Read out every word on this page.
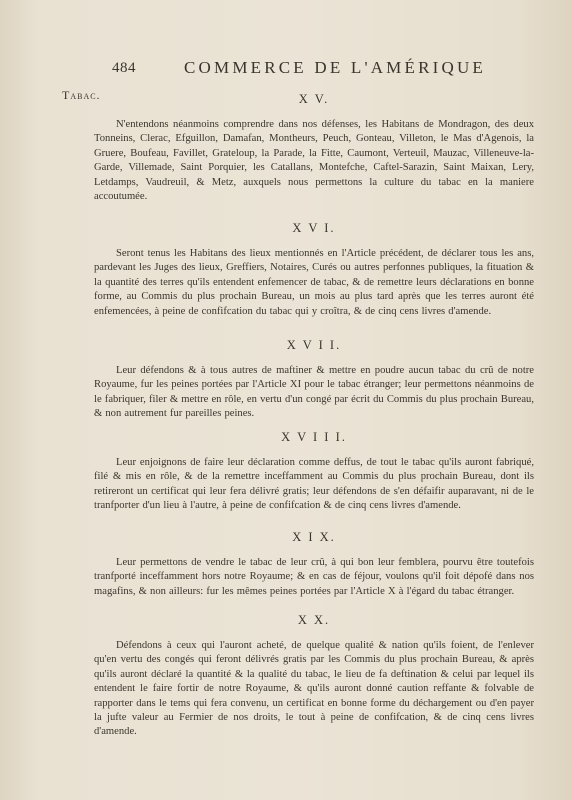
484	COMMERCE DE L'AMÉRIQUE
Tabac.	X V.

N'entendons néanmoins comprendre dans nos défenses, les Habitans de Mondragon, des deux Tonneins, Clerac, Efguillon, Damafan, Montheurs, Peuch, Gonteau, Villeton, le Mas d'Agenois, la Gruere, Boufeau, Favillet, Grateloup, la Parade, la Fitte, Caumont, Verteuil, Mauzac, Villeneuve-la-Garde, Villemade, Saint Porquier, les Catallans, Montefche, Caftel-Sarazin, Saint Maixan, Lery, Letdamps, Vaudreuil, & Metz, auxquels nous permettons la culture du tabac en la maniere accoutumée.

X V I.

Seront tenus les Habitans des lieux mentionnés en l'Article précédent, de déclarer tous les ans, pardevant les Juges des lieux, Greffiers, Notaires, Curés ou autres perfonnes publiques, la fituation & la quantité des terres qu'ils entendent enfemencer de tabac, & de remettre leurs déclarations en bonne forme, au Commis du plus prochain Bureau, un mois au plus tard après que les terres auront été enfemencées, à peine de confifcation du tabac qui y croîtra, & de cinq cens livres d'amende.

X V I I.

Leur défendons & à tous autres de maftiner & mettre en poudre aucun tabac du crû de notre Royaume, fur les peines portées par l'Article XI pour le tabac étranger; leur permettons néanmoins de le fabriquer, filer & mettre en rôle, en vertu d'un congé par écrit du Commis du plus prochain Bureau, & non autrement fur pareilles peines.

X V I I I.

Leur enjoignons de faire leur déclaration comme deffus, de tout le tabac qu'ils auront fabriqué, filé & mis en rôle, & de la remettre inceffamment au Commis du plus prochain Bureau, dont ils retireront un certificat qui leur fera délivré gratis; leur défendons de s'en défaifir auparavant, ni de le tranfporter d'un lieu à l'autre, à peine de confifcation & de cinq cens livres d'amende.

X I X.

Leur permettons de vendre le tabac de leur crû, à qui bon leur femblera, pourvu être toutefois tranfporté inceffamment hors notre Royaume; & en cas de féjour, voulons qu'il foit dépofé dans nos magafins, & non ailleurs: fur les mêmes peines portées par l'Article X à l'égard du tabac étranger.

X X.

Défendons à ceux qui l'auront acheté, de quelque qualité & nation qu'ils foient, de l'enlever qu'en vertu des congés qui feront délivrés gratis par les Commis du plus prochain Bureau, & après qu'ils auront déclaré la quantité & la qualité du tabac, le lieu de fa deftination & celui par lequel ils entendent le faire fortir de notre Royaume, & qu'ils auront donné caution reffante & folvable de rapporter dans le tems qui fera convenu, un certificat en bonne forme du déchargement ou d'en payer la jufte valeur au Fermier de nos droits, le tout à peine de confifcation, & de cinq cens livres d'amende.
